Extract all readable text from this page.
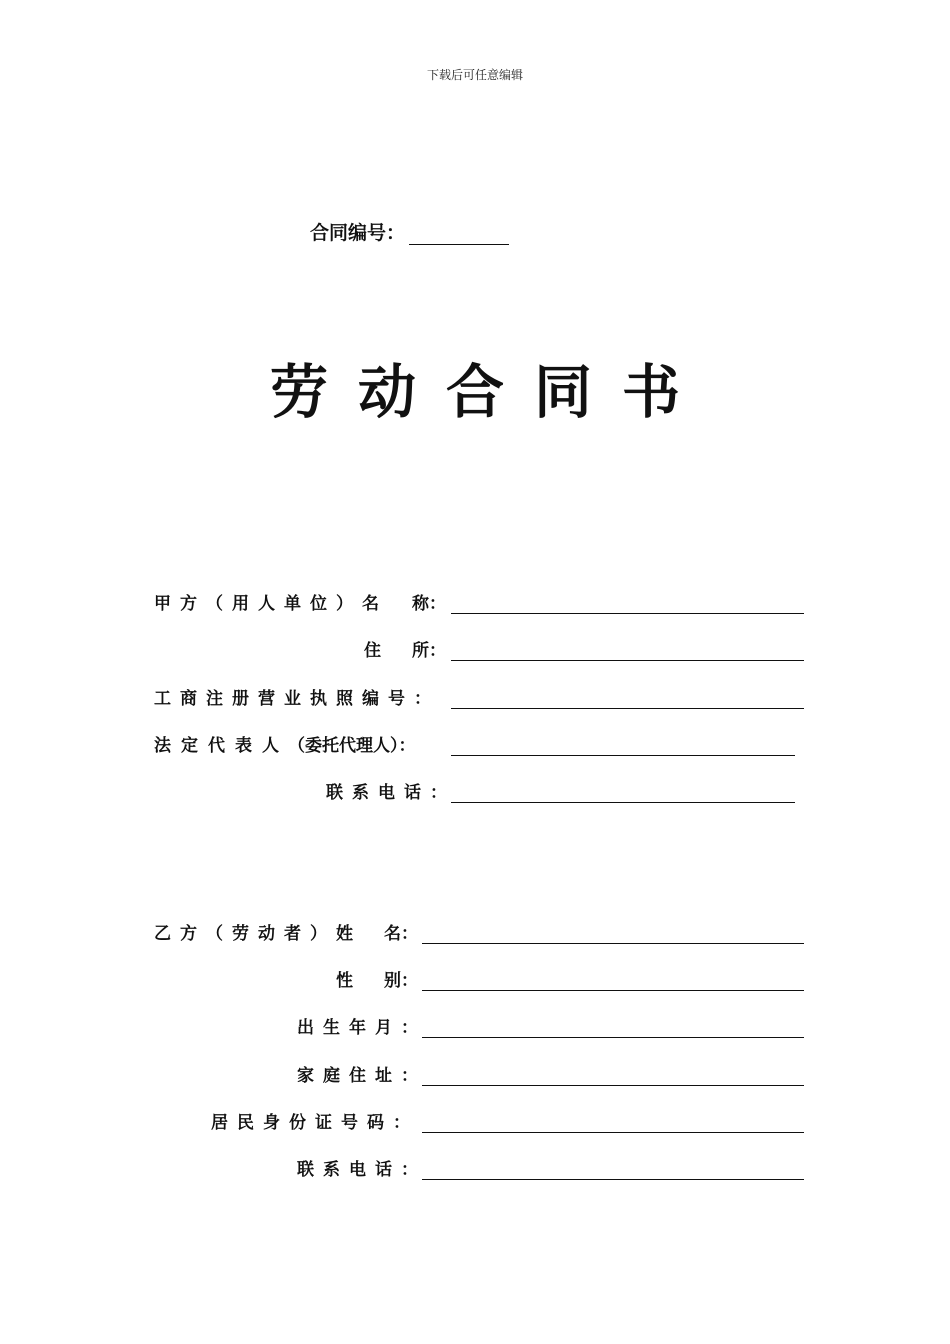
下载后可任意编辑
合同编号：
劳动合同书
甲方（用人单位）名 称：
住 所：
工商注册营业执照编号：
法定代表人 （委托代理人）：
联系电话：
乙方（劳动者） 姓 名：
性 别：
出生年月：
家庭住址：
居民身份证号码：
联系电话：
